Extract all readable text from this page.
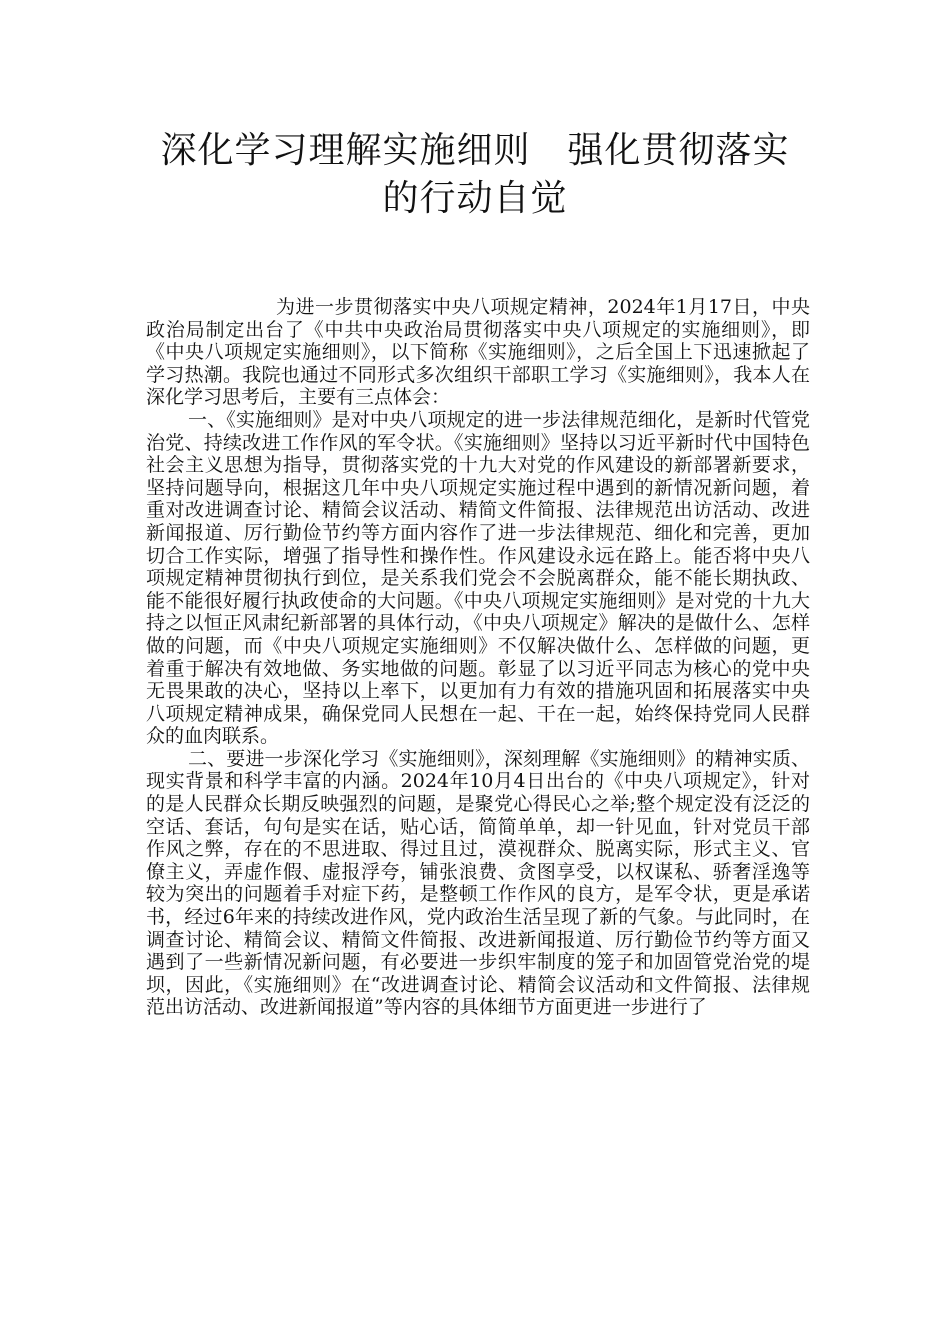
深化学习理解实施细则　强化贯彻落实
的行动自觉

为进一步贯彻落实中央八项规定精神，2024年1月17日，中央政治局制定出台了《中共中央政治局贯彻落实中央八项规定的实施细则》，即《中央八项规定实施细则》，以下简称《实施细则》，之后全国上下迅速掀起了学习热潮。我院也通过不同形式多次组织干部职工学习《实施细则》，我本人在深化学习思考后，主要有三点体会：

一、《实施细则》是对中央八项规定的进一步法律规范细化，是新时代管党治党、持续改进工作作风的军令状。《实施细则》坚持以习近平新时代中国特色社会主义思想为指导，贯彻落实党的十九大对党的作风建设的新部署新要求，坚持问题导向，根据这几年中央八项规定实施过程中遇到的新情况新问题，着重对改进调查讨论、精简会议活动、精简文件简报、法律规范出访活动、改进新闻报道、厉行勤俭节约等方面内容作了进一步法律规范、细化和完善，更加切合工作实际，增强了指导性和操作性。作风建设永远在路上。能否将中央八项规定精神贯彻执行到位，是关系我们党会不会脱离群众，能不能长期执政、能不能很好履行执政使命的大问题。《中央八项规定实施细则》是对党的十九大持之以恒正风肃纪新部署的具体行动，《中央八项规定》解决的是做什么、怎样做的问题，而《中央八项规定实施细则》不仅解决做什么、怎样做的问题，更着重于解决有效地做、务实地做的问题。彰显了以习近平同志为核心的党中央无畏果敢的决心，坚持以上率下，以更加有力有效的措施巩固和拓展落实中央八项规定精神成果，确保党同人民想在一起、干在一起，始终保持党同人民群众的血肉联系。

二、要进一步深化学习《实施细则》，深刻理解《实施细则》的精神实质、现实背景和科学丰富的内涵。2024年10月4日出台的《中央八项规定》，针对的是人民群众长期反映强烈的问题，是聚党心得民心之举;整个规定没有泛泛的空话、套话，句句是实在话，贴心话，简简单单，却一针见血，针对党员干部作风之弊，存在的不思进取、得过且过，漠视群众、脱离实际，形式主义、官僚主义，弄虚作假、虚报浮夸，铺张浪费、贪图享受，以权谋私、骄奢淫逸等较为突出的问题着手对症下药，是整顿工作作风的良方，是军令状，更是承诺书，经过6年来的持续改进作风，党内政治生活呈现了新的气象。与此同时，在调查讨论、精简会议、精简文件简报、改进新闻报道、厉行勤俭节约等方面又遇到了一些新情况新问题，有必要进一步织牢制度的笼子和加固管党治党的堤坝，因此，《实施细则》在“改进调查讨论、精简会议活动和文件简报、法律规范出访活动、改进新闻报道”等内容的具体细节方面更进一步进行了
